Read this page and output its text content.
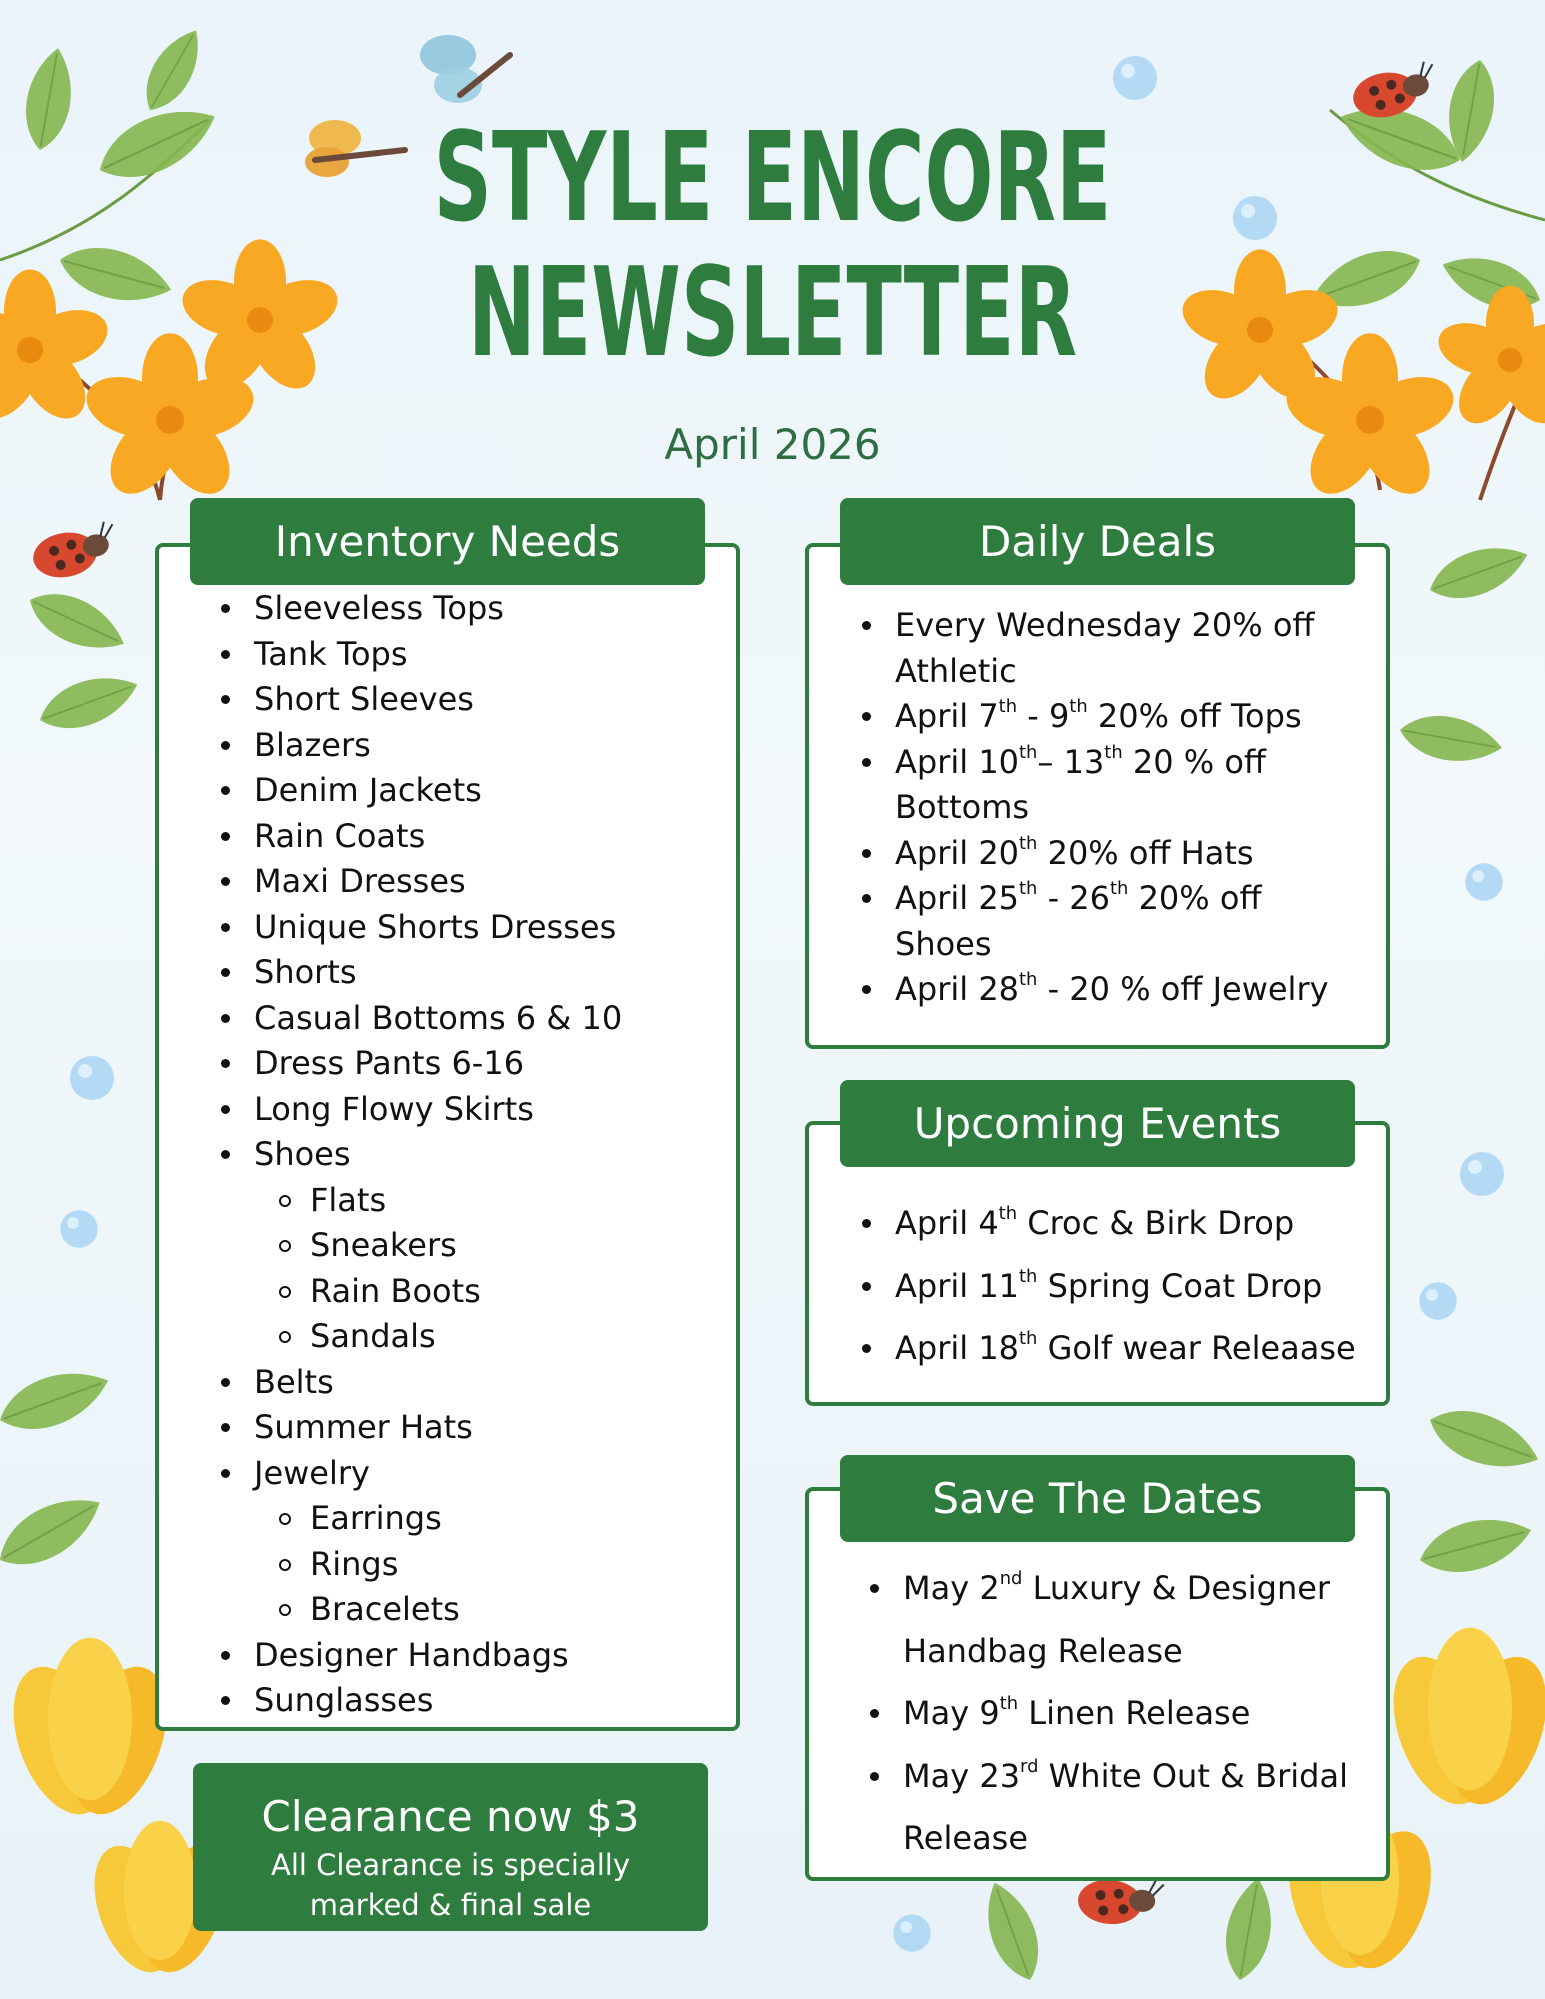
STYLE ENCORE
NEWSLETTER
April 2026
Inventory Needs
Sleeveless Tops
Tank Tops
Short Sleeves
Blazers
Denim Jackets
Rain Coats
Maxi Dresses
Unique Shorts Dresses
Shorts
Casual Bottoms 6 & 10
Dress Pants 6-16
Long Flowy Skirts
Shoes
Flats
Sneakers
Rain Boots
Sandals
Belts
Summer Hats
Jewelry
Earrings
Rings
Bracelets
Designer Handbags
Sunglasses
Clearance now $3
All Clearance is specially
marked & final sale
Daily Deals
Every Wednesday 20% off Athletic
April 7th - 9th 20% off Tops
April 10th– 13th 20 % off Bottoms
April 20th 20% off Hats
April 25th - 26th 20% off Shoes
April 28th - 20 % off Jewelry
Upcoming Events
April 4th Croc & Birk Drop
April 11th Spring Coat Drop
April 18th Golf wear Releaase
Save The Dates
May 2nd Luxury & Designer Handbag Release
May 9th Linen Release
May 23rd White Out & Bridal Release
